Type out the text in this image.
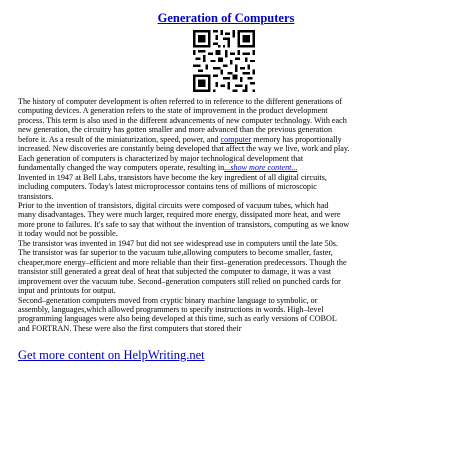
Generation of Computers
The history of computer development is often referred to in reference to the different generations of
computing devices. A generation refers to the state of improvement in the product development
process. This term is also used in the different advancements of new computer technology. With each
new generation, the circuitry has gotten smaller and more advanced than the previous generation
before it. As a result of the miniaturization, speed, power, and computer memory has proportionally
increased. New discoveries are constantly being developed that affect the way we live, work and play.
Each generation of computers is characterized by major technological development that
fundamentally changed the way computers operate, resulting in...show more content...
Invented in 1947 at Bell Labs, transistors have become the key ingredient of all digital circuits,
including computers. Today's latest microprocessor contains tens of millions of microscopic
transistors.
Prior to the invention of transistors, digital circuits were composed of vacuum tubes, which had
many disadvantages. They were much larger, required more energy, dissipated more heat, and were
more prone to failures. It's safe to say that without the invention of transistors, computing as we know
it today would not be possible.
The transistor was invented in 1947 but did not see widespread use in computers until the late 50s.
The transistor was far superior to the vacuum tube,allowing computers to become smaller, faster,
cheaper,more energy–efficient and more reliable than their first–generation predecessors. Though the
transistor still generated a great deal of heat that subjected the computer to damage, it was a vast
improvement over the vacuum tube. Second–generation computers still relied on punched cards for
input and printouts for output.
Second–generation computers moved from cryptic binary machine language to symbolic, or
assembly, languages,which allowed programmers to specify instructions in words. High–level
programming languages were also being developed at this time, such as early versions of COBOL
and FORTRAN. These were also the first computers that stored their
Get more content on HelpWriting.net
